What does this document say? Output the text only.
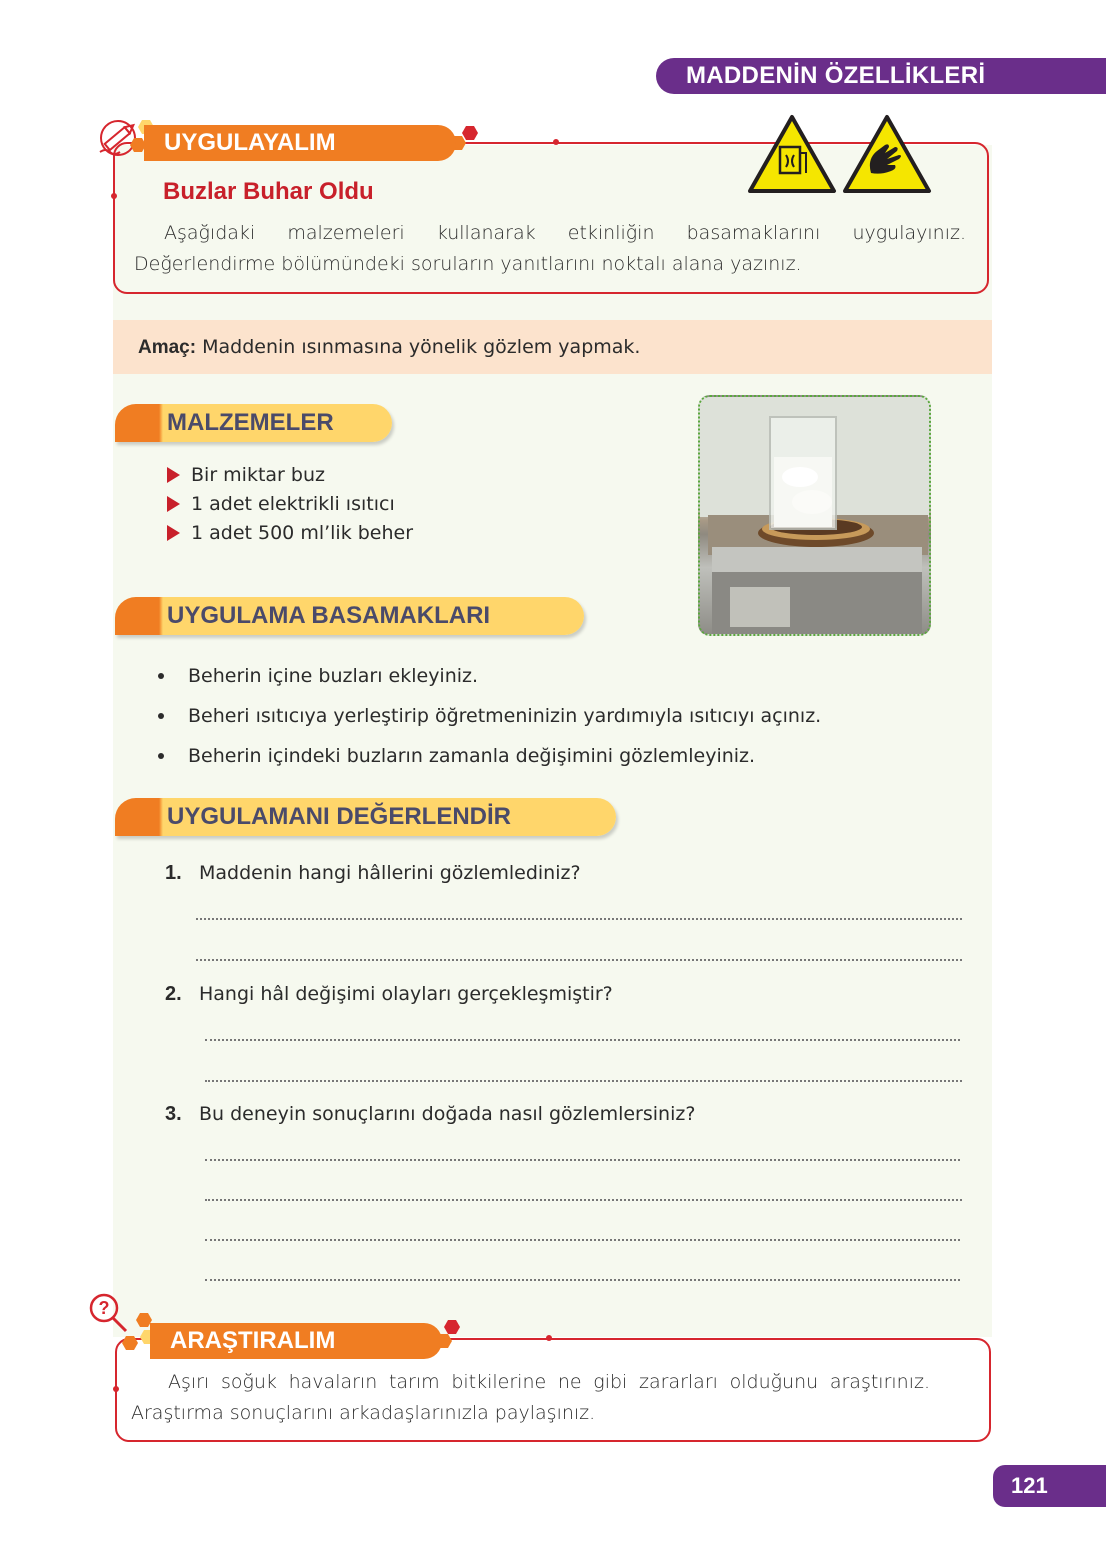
MADDENİN ÖZELLİKLERİ
UYGULAYALIM
Buzlar Buhar Oldu

Aşağıdaki malzemeleri kullanarak etkinliğin basamaklarını uygulayınız. Değerlendirme bölümündeki soruların yanıtlarını noktalı alana yazınız.

Amaç: Maddenin ısınmasına yönelik gözlem yapmak.
MALZEMELER
Bir miktar buz
1 adet elektrikli ısıtıcı
1 adet 500 ml’lik beher
UYGULAMA BASAMAKLARI
Beherin içine buzları ekleyiniz.
Beheri ısıtıcıya yerleştirip öğretmeninizin yardımıyla ısıtıcıyı açınız.
Beherin içindeki buzların zamanla değişimini gözlemleyiniz.
UYGULAMANI DEĞERLENDİR
1. Maddenin hangi hâllerini gözlemlediniz?
2. Hangi hâl değişimi olayları gerçekleşmiştir?
3. Bu deneyin sonuçlarını doğada nasıl gözlemlersiniz?
?
ARAŞTIRALIM

Aşırı soğuk havaların tarım bitkilerine ne gibi zararları olduğunu araştırınız. Araştırma sonuçlarını arkadaşlarınızla paylaşınız.

121
